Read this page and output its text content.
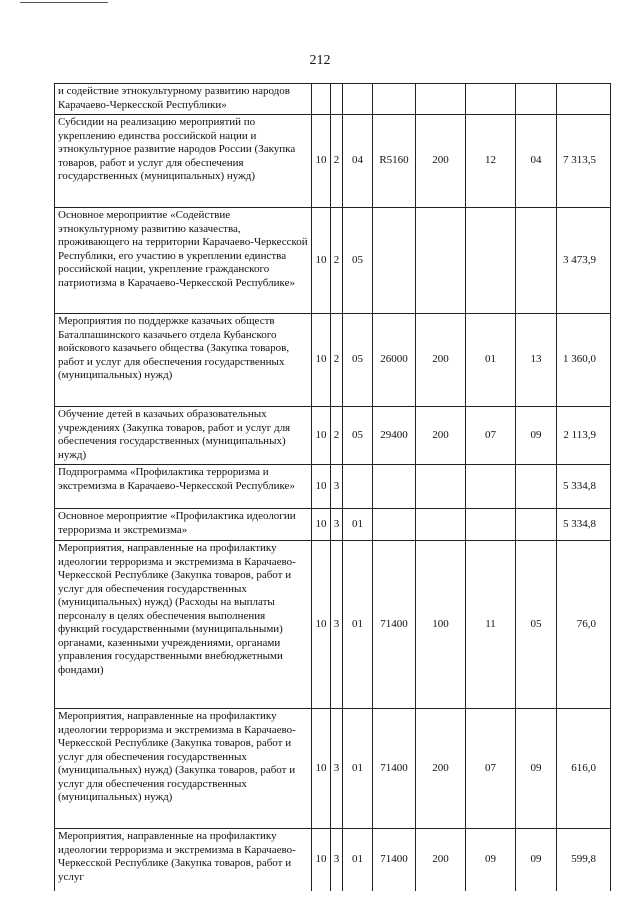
212
и содействие этнокультурному развитию народов Карачаево-Черкесской Республики»								
Субсидии на реализацию мероприятий по укреплению единства российской нации и этнокультурное развитие народов России (Закупка товаров, работ и услуг для обеспечения государственных (муниципальных) нужд)	10	2	04	R5160	200	12	04	7 313,5
Основное мероприятие «Содействие этнокультурному развитию казачества, проживающего на территории Карачаево-Черкесской Республики, его участию в укреплении единства российской нации, укрепление гражданского патриотизма в Карачаево-Черкесской Республике»	10	2	05					3 473,9
Мероприятия по поддержке казачьих обществ Баталпашинского казачьего отдела Кубанского войскового казачьего общества (Закупка товаров, работ и услуг для обеспечения государственных (муниципальных) нужд)	10	2	05	26000	200	01	13	1 360,0
Обучение детей в казачьих образовательных учреждениях (Закупка товаров, работ и услуг для обеспечения государственных (муниципальных) нужд)	10	2	05	29400	200	07	09	2 113,9
Подпрограмма «Профилактика терроризма и экстремизма в Карачаево-Черкесской Республике»	10	3						5 334,8
Основное мероприятие «Профилактика идеологии терроризма и экстремизма»	10	3	01					5 334,8
Мероприятия, направленные на профилактику идеологии терроризма и экстремизма в Карачаево-Черкесской Республике (Закупка товаров, работ и услуг для обеспечения государственных (муниципальных) нужд) (Расходы на выплаты персоналу в целях обеспечения выполнения функций государственными (муниципальными) органами, казенными учреждениями, органами управления государственными внебюджетными фондами)	10	3	01	71400	100	11	05	76,0
Мероприятия, направленные на профилактику идеологии терроризма и экстремизма в Карачаево-Черкесской Республике (Закупка товаров, работ и услуг для обеспечения государственных (муниципальных) нужд) (Закупка товаров, работ и услуг для обеспечения государственных (муниципальных) нужд)	10	3	01	71400	200	07	09	616,0
Мероприятия, направленные на профилактику идеологии терроризма и экстремизма в Карачаево-Черкесской Республике (Закупка товаров, работ и услуг	10	3	01	71400	200	09	09	599,8
